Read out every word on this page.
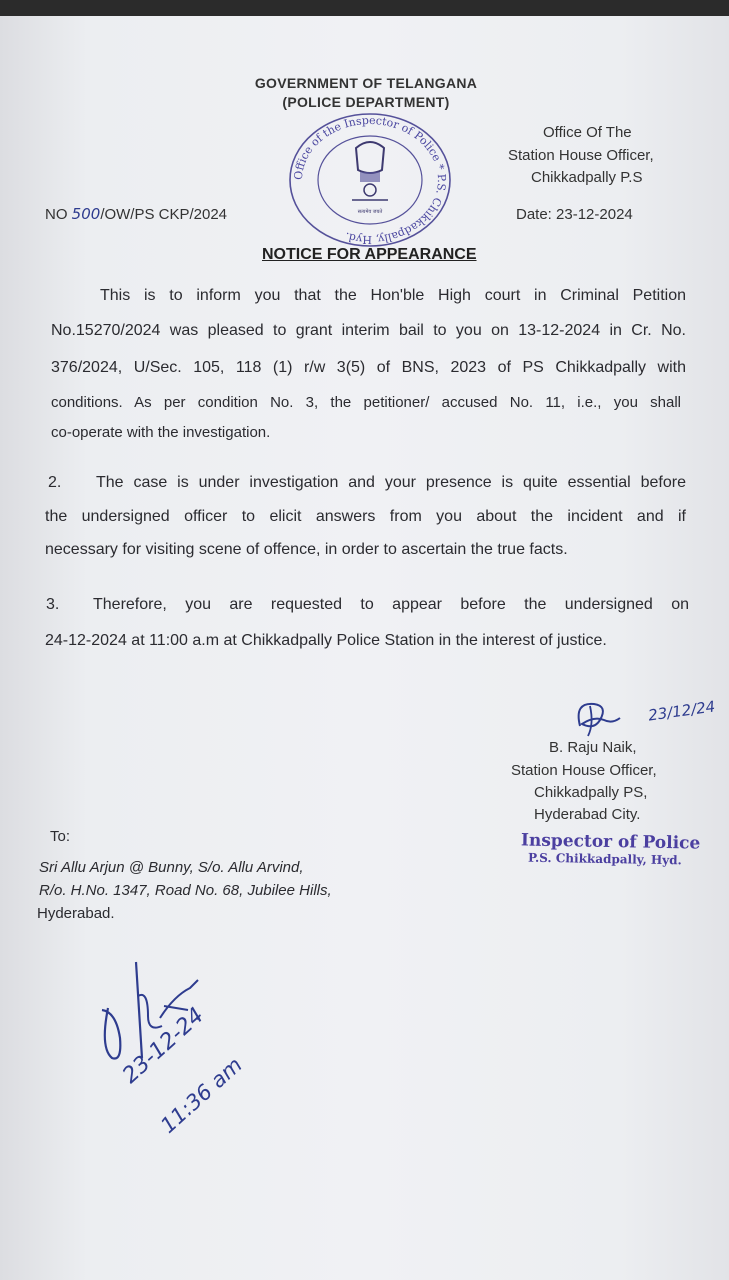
GOVERNMENT OF TELANGANA
(POLICE DEPARTMENT)
सत्यमेव जयते
Office of the Inspector of Police * P.S. Chikkadpally, Hyd.
Office Of The
Station House Officer,
Chikkadpally P.S
NO 500/OW/PS CKP/2024	Date: 23-12-2024
NOTICE FOR APPEARANCE
This is to inform you that the Hon'ble High court in Criminal Petition
No.15270/2024 was pleased to grant interim bail to you on 13-12-2024 in Cr. No.
376/2024, U/Sec. 105, 118 (1) r/w 3(5) of BNS, 2023 of PS Chikkadpally with
conditions. As per condition No. 3, the petitioner/ accused No. 11, i.e., you shall
co-operate with the investigation.
2. The case is under investigation and your presence is quite essential before
the undersigned officer to elicit answers from you about the incident and if
necessary for visiting scene of offence, in order to ascertain the true facts.
3. Therefore, you are requested to appear before the undersigned on
24-12-2024 at 11:00 a.m at Chikkadpally Police Station in the interest of justice.
23/12/24
B. Raju Naik,
Station House Officer,
Chikkadpally PS,
Hyderabad City.
Inspector of Police
P.S. Chikkadpally, Hyd.
To:
Sri Allu Arjun @ Bunny, S/o. Allu Arvind,
R/o. H.No. 1347, Road No. 68, Jubilee Hills,
Hyderabad.
23-12-24
11:36 am
